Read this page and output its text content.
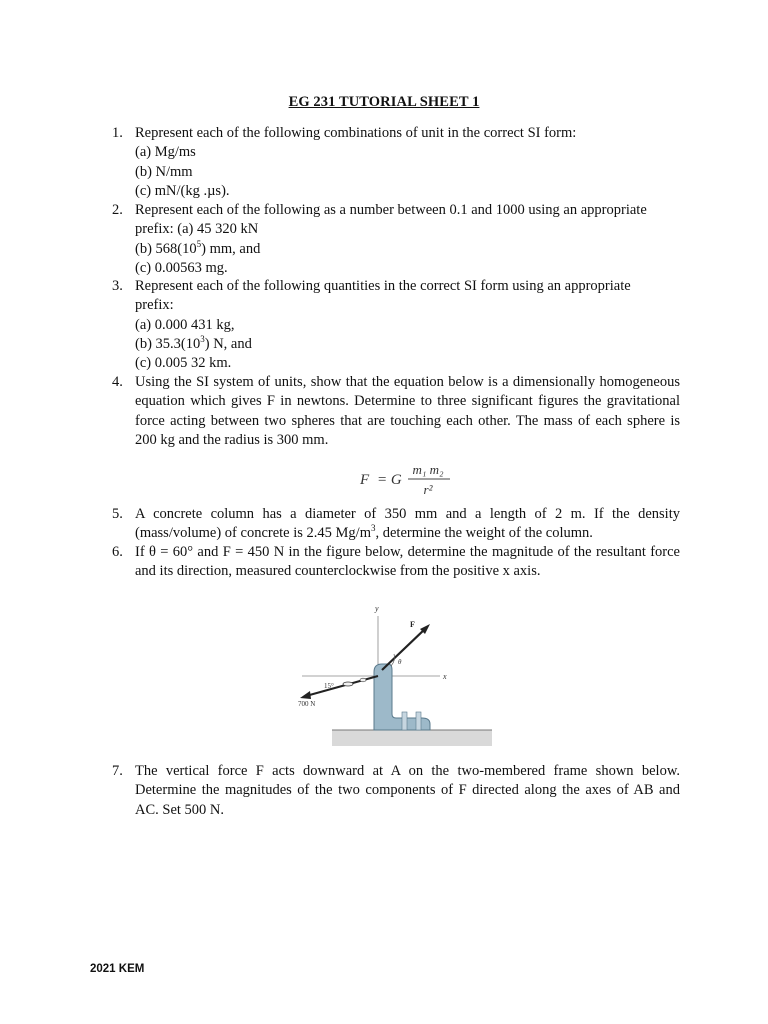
EG 231 TUTORIAL SHEET 1
1. Represent each of the following combinations of unit in the correct SI form:
(a) Mg/ms
(b) N/mm
(c) mN/(kg .µs).
2. Represent each of the following as a number between 0.1 and 1000 using an appropriate
prefix: (a) 45 320 kN
(b) $568(10^5)$ mm, and
(c) 0.00563 mg.
3. Represent each of the following quantities in the correct SI form using an appropriate
prefix:
(a) 0.000 431 kg,
(b) $35.3(10^3)$ N, and
(c) 0.005 32 km.
4. Using the SI system of units, show that the equation below is a dimensionally homogeneous
equation which gives F in newtons. Determine to three significant figures the gravitational
force acting between two spheres that are touching each other. The mass of each sphere is
200 kg and the radius is 300 mm.
F = G
m₁ m₂
r²
5. A concrete column has a diameter of 350 mm and a length of 2 m. If the density
(mass/volume) of concrete is 2.45 $Mg/m^3$, determine the weight of the column.
6. If θ = 60° and F = 450 N in the figure below, determine the magnitude of the resultant force
and its direction, measured counterclockwise from the positive x axis.
y
x
F
θ
15°
700 N
7. The vertical force F acts downward at A on the two-membered frame shown below.
Determine the magnitudes of the two components of F directed along the axes of AB and
AC. Set 500 N.
2021 KEM
